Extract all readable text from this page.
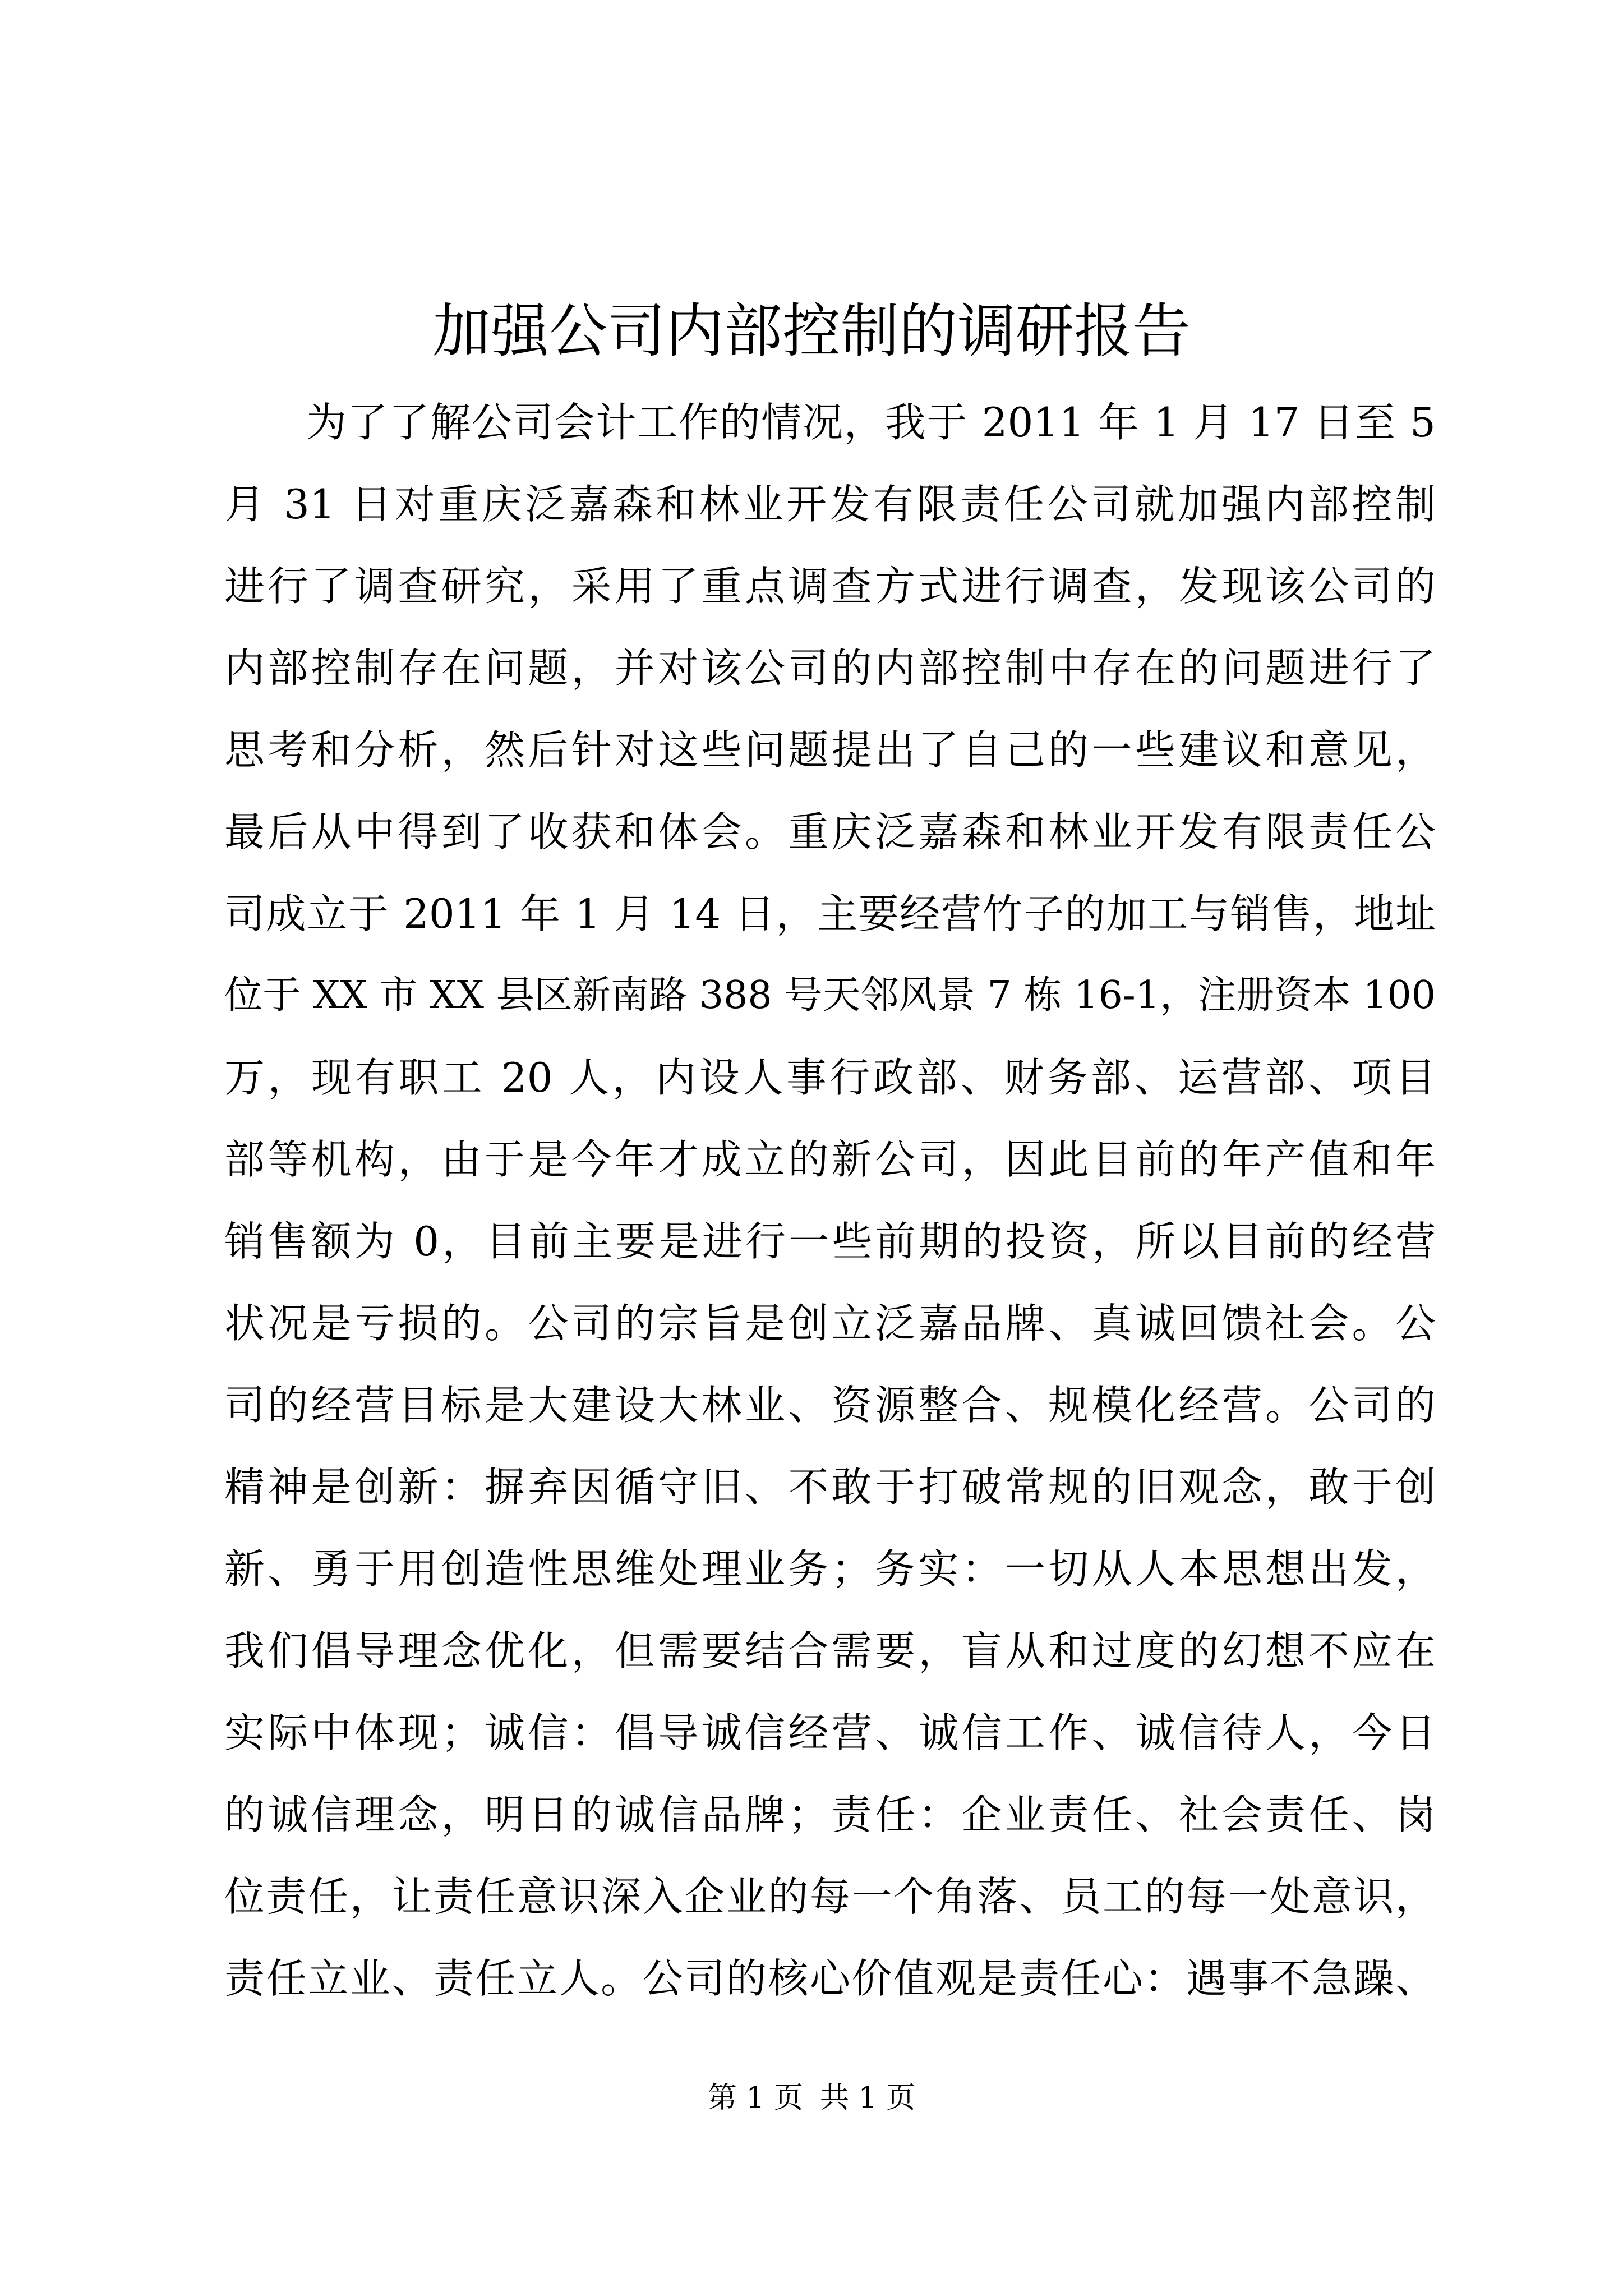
加强公司内部控制的调研报告
为了了解公司会计工作的情况，我于 2011 年 1 月 17 日至 5
月 31 日对重庆泛嘉森和林业开发有限责任公司就加强内部控制
进行了调查研究，采用了重点调查方式进行调查，发现该公司的
内部控制存在问题，并对该公司的内部控制中存在的问题进行了
思考和分析，然后针对这些问题提出了自己的一些建议和意见，
最后从中得到了收获和体会。重庆泛嘉森和林业开发有限责任公
司成立于 2011 年 1 月 14 日，主要经营竹子的加工与销售，地址
位于 XX 市 XX 县区新南路 388 号天邻风景 7 栋 16-1，注册资本 100
万，现有职工 20 人，内设人事行政部、财务部、运营部、项目
部等机构，由于是今年才成立的新公司，因此目前的年产值和年
销售额为 0，目前主要是进行一些前期的投资，所以目前的经营
状况是亏损的。公司的宗旨是创立泛嘉品牌、真诚回馈社会。公
司的经营目标是大建设大林业、资源整合、规模化经营。公司的
精神是创新：摒弃因循守旧、不敢于打破常规的旧观念，敢于创
新、勇于用创造性思维处理业务；务实：一切从人本思想出发，
我们倡导理念优化，但需要结合需要，盲从和过度的幻想不应在
实际中体现；诚信：倡导诚信经营、诚信工作、诚信待人，今日
的诚信理念，明日的诚信品牌；责任：企业责任、社会责任、岗
位责任，让责任意识深入企业的每一个角落、员工的每一处意识，
责任立业、责任立人。公司的核心价值观是责任心：遇事不急躁、
第 1 页 共 1 页
